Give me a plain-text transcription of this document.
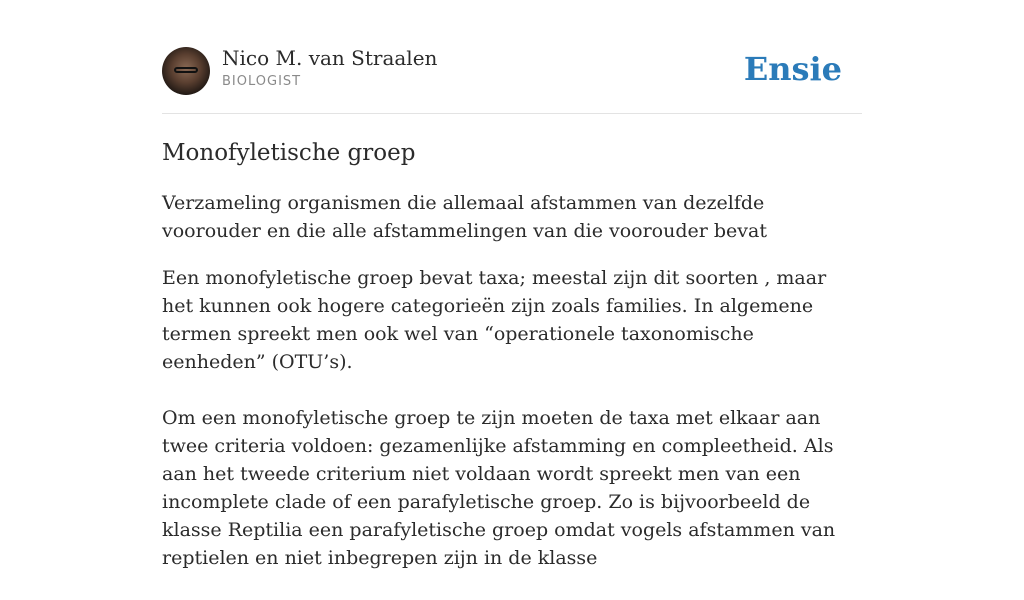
Nico M. van Straalen
BIOLOGIST	Ensie
Monofyletische groep

Verzameling organismen die allemaal afstammen van dezelfde voorouder en die alle afstammelingen van die voorouder bevat

Een monofyletische groep bevat taxa; meestal zijn dit soorten , maar het kunnen ook hogere categorieën zijn zoals families. In algemene termen spreekt men ook wel van “operationele taxonomische eenheden” (OTU’s).

Om een monofyletische groep te zijn moeten de taxa met elkaar aan twee criteria voldoen: gezamenlijke afstamming en compleetheid. Als aan het tweede criterium niet voldaan wordt spreekt men van een incomplete clade of een parafyletische groep. Zo is bijvoorbeeld de klasse Reptilia een parafyletische groep omdat vogels afstammen van reptielen en niet inbegrepen zijn in de klasse
